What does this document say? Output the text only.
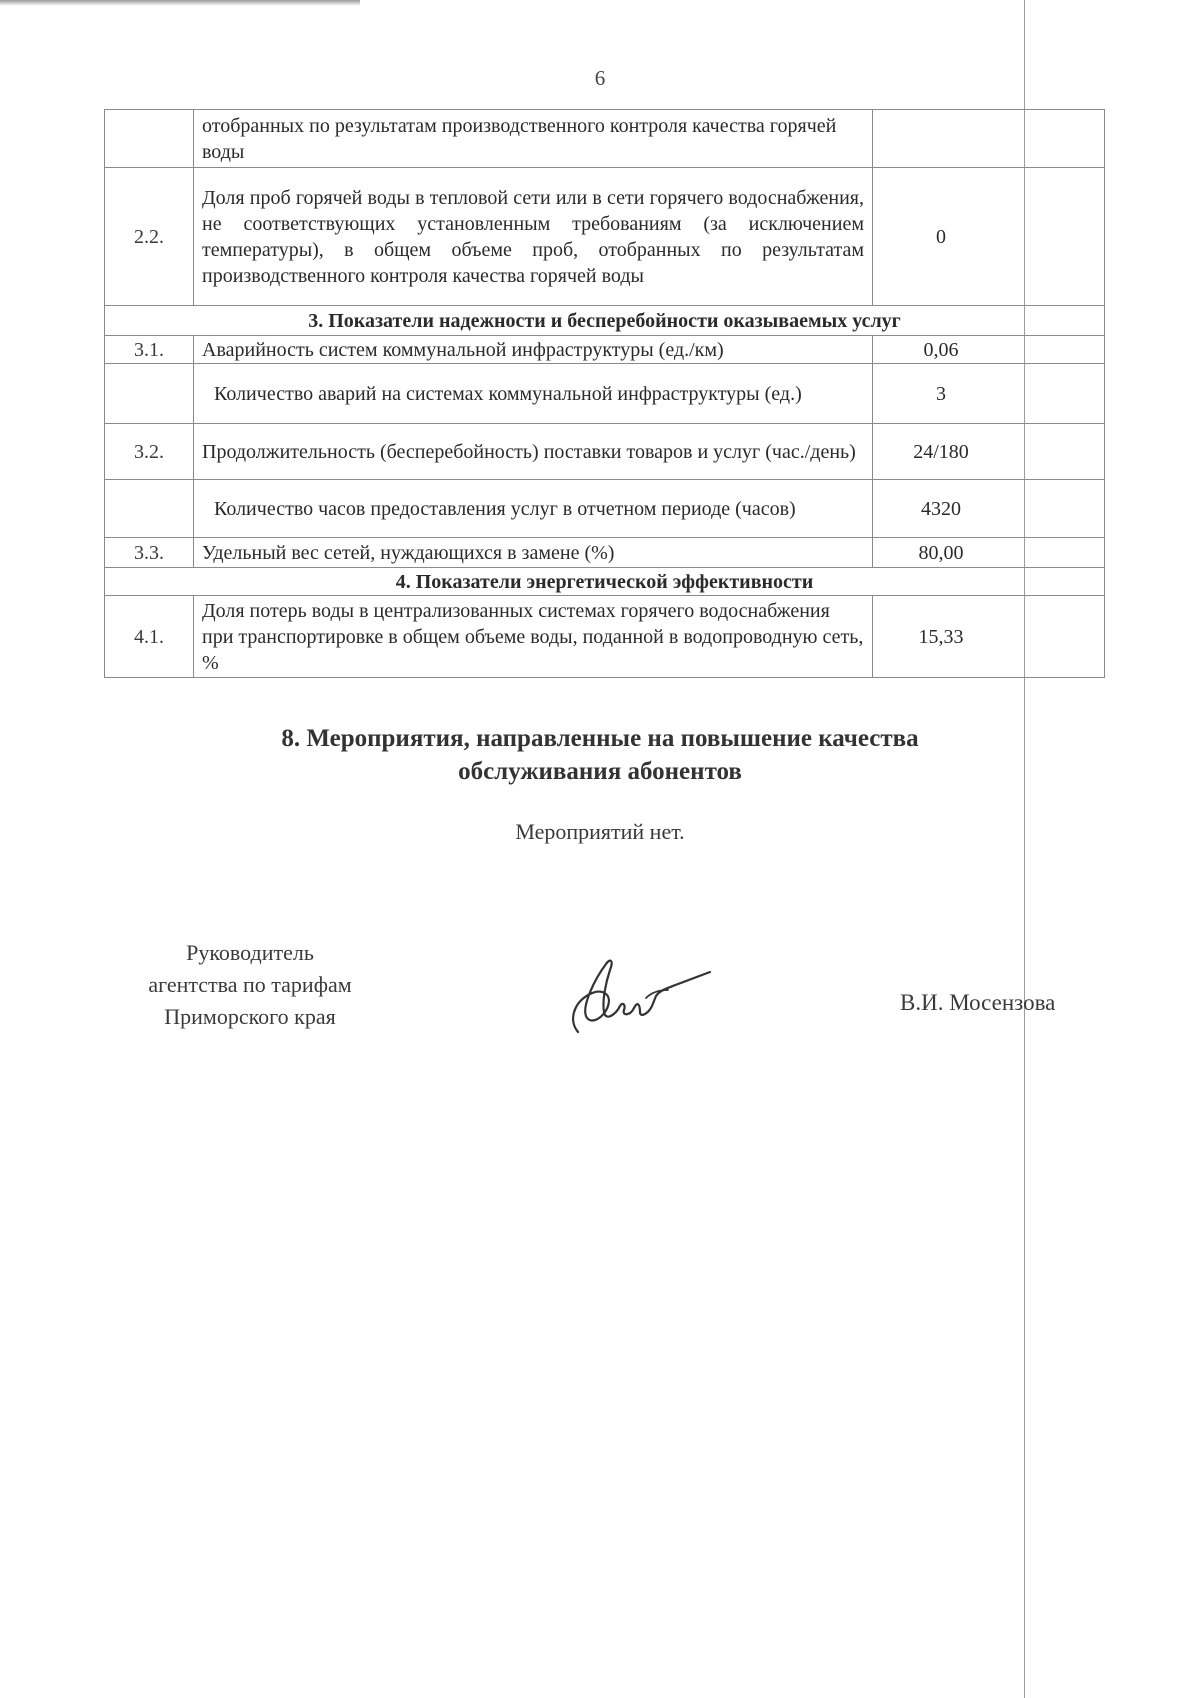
6
	отобранных по результатам производственного контроля качества горячей воды	
2.2.	Доля проб горячей воды в тепловой сети или в сети горячего водоснабжения, не соответствующих установленным требованиям (за исключением температуры), в общем объеме проб, отобранных по результатам производственного контроля качества горячей воды	0
3. Показатели надежности и бесперебойности оказываемых услуг		
3.1.	Аварийность систем коммунальной инфраструктуры (ед./км)	0,06
	Количество аварий на системах коммунальной инфраструктуры (ед.)	3
3.2.	Продолжительность (бесперебойность) поставки товаров и услуг (час./день)	24/180
	Количество часов предоставления услуг в отчетном периоде (часов)	4320
3.3.	Удельный вес сетей, нуждающихся в замене (%)	80,00
4. Показатели энергетической эффективности		
4.1.	Доля потерь воды в централизованных системах горячего водоснабжения при транспортировке в общем объеме воды, поданной в водопроводную сеть, %	15,33
8. Мероприятия, направленные на повышение качества обслуживания абонентов
Мероприятий нет.
Руководитель
агентства по тарифам
Приморского края
В.И. Мосензова
